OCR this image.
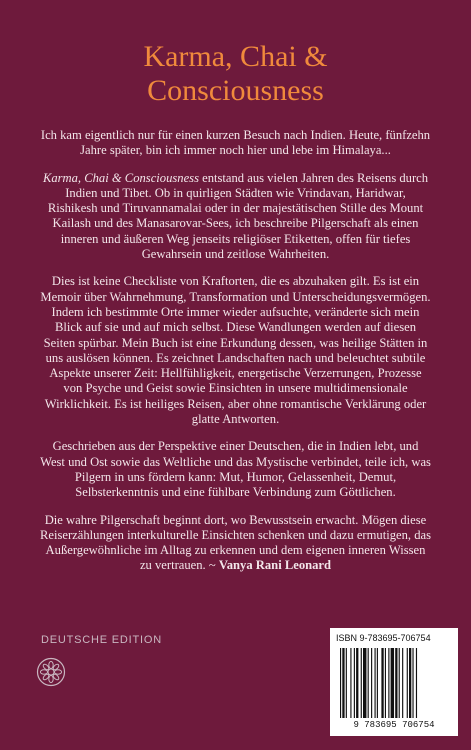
Karma, Chai &
Consciousness

Ich kam eigentlich nur für einen kurzen Besuch nach Indien. Heute, fünfzehn Jahre später, bin ich immer noch hier und lebe im Himalaya...

Karma, Chai & Consciousness entstand aus vielen Jahren des Reisens durch Indien und Tibet. Ob in quirligen Städten wie Vrindavan, Haridwar, Rishikesh und Tiruvannamalai oder in der majestätischen Stille des Mount Kailash und des Manasarovar-Sees, ich beschreibe Pilgerschaft als einen inneren und äußeren Weg jenseits religiöser Etiketten, offen für tiefes Gewahrsein und zeitlose Wahrheiten.

Dies ist keine Checkliste von Kraftorten, die es abzuhaken gilt. Es ist ein Memoir über Wahrnehmung, Transformation und Unterscheidungsvermögen. Indem ich bestimmte Orte immer wieder aufsuchte, veränderte sich mein Blick auf sie und auf mich selbst. Diese Wandlungen werden auf diesen Seiten spürbar. Mein Buch ist eine Erkundung dessen, was heilige Stätten in uns auslösen können. Es zeichnet Landschaften nach und beleuchtet subtile Aspekte unserer Zeit: Hellfühligkeit, energetische Verzerrungen, Prozesse von Psyche und Geist sowie Einsichten in unsere multidimensionale Wirklichkeit. Es ist heiliges Reisen, aber ohne romantische Verklärung oder glatte Antworten.

Geschrieben aus der Perspektive einer Deutschen, die in Indien lebt, und West und Ost sowie das Weltliche und das Mystische verbindet, teile ich, was Pilgern in uns fördern kann: Mut, Humor, Gelassenheit, Demut, Selbsterkenntnis und eine fühlbare Verbindung zum Göttlichen.

Die wahre Pilgerschaft beginnt dort, wo Bewusstsein erwacht. Mögen diese Reiserzählungen interkulturelle Einsichten schenken und dazu ermutigen, das Außergewöhnliche im Alltag zu erkennen und dem eigenen inneren Wissen zu vertrauen. ~ Vanya Rani Leonard

DEUTSCHE EDITION	ISBN 9-783695-706754
9 783695 706754
